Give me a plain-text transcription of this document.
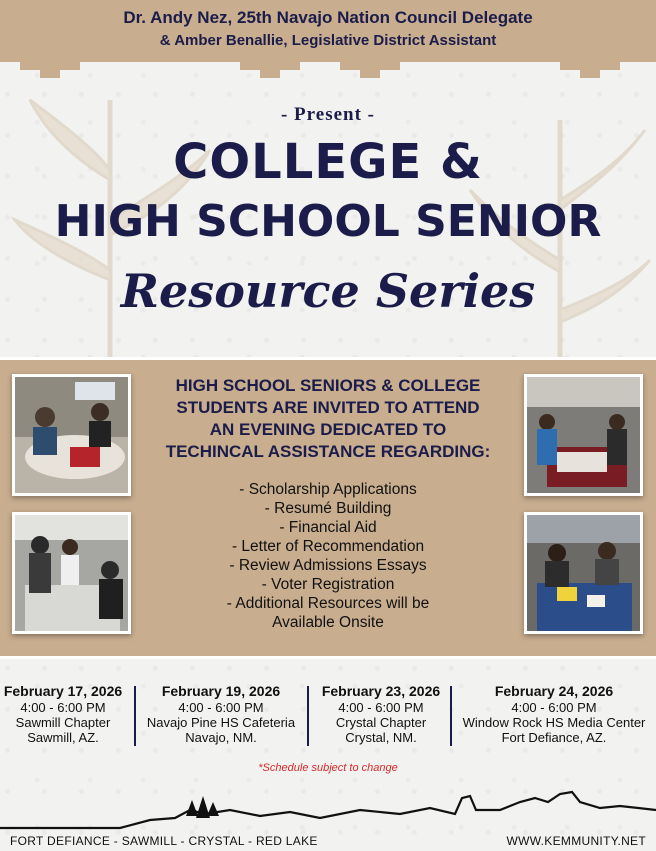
Dr. Andy Nez, 25th Navajo Nation Council Delegate
& Amber Benallie, Legislative District Assistant
- Present -
COLLEGE &
HIGH SCHOOL SENIOR
Resource Series
HIGH SCHOOL SENIORS & COLLEGE
STUDENTS ARE INVITED TO ATTEND
AN EVENING DEDICATED TO
TECHINCAL ASSISTANCE REGARDING:
- Scholarship Applications
- Resumé Building
- Financial Aid
- Letter of Recommendation
- Review Admissions Essays
- Voter Registration
- Additional Resources will be
Available Onsite
February 17, 2026
4:00 - 6:00 PM
Sawmill Chapter
Sawmill, AZ.
February 19, 2026
4:00 - 6:00 PM
Navajo Pine HS Cafeteria
Navajo, NM.
February 23, 2026
4:00 - 6:00 PM
Crystal Chapter
Crystal, NM.
February 24, 2026
4:00 - 6:00 PM
Window Rock HS Media Center
Fort Defiance, AZ.
*Schedule subject to change
FORT DEFIANCE - SAWMILL - CRYSTAL - RED LAKE	WWW.KEMMUNITY.NET
